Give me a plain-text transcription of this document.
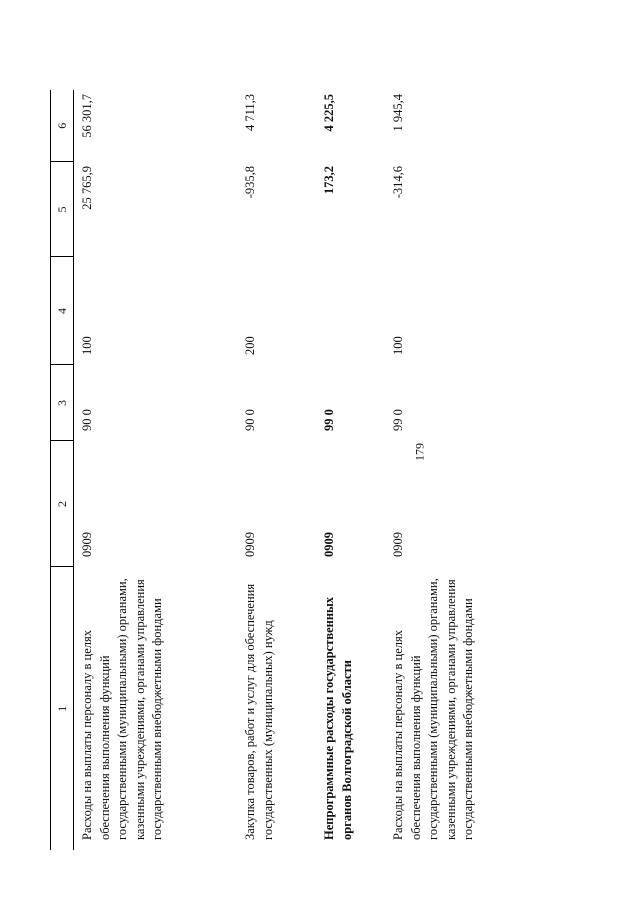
179
1	2	3	4	5	6
Расходы на выплаты персоналу в целях обеспечения выполнения функций государственными (муниципальными) органами, казенными учреждениями, органами управления государственными внебюджетными фондами	0909	90 0	100	25 765,9	56 301,7
Закупка товаров, работ и услуг для обеспечения государственных (муниципальных) нужд	0909	90 0	200	-935,8	4 711,3
Непрограммные расходы государственных органов Волгоградской области	0909	99 0		173,2	4 225,5
Расходы на выплаты персоналу в целях обеспечения выполнения функций государственными (муниципальными) органами, казенными учреждениями, органами управления государственными внебюджетными фондами	0909	99 0	100	-314,6	1 945,4
